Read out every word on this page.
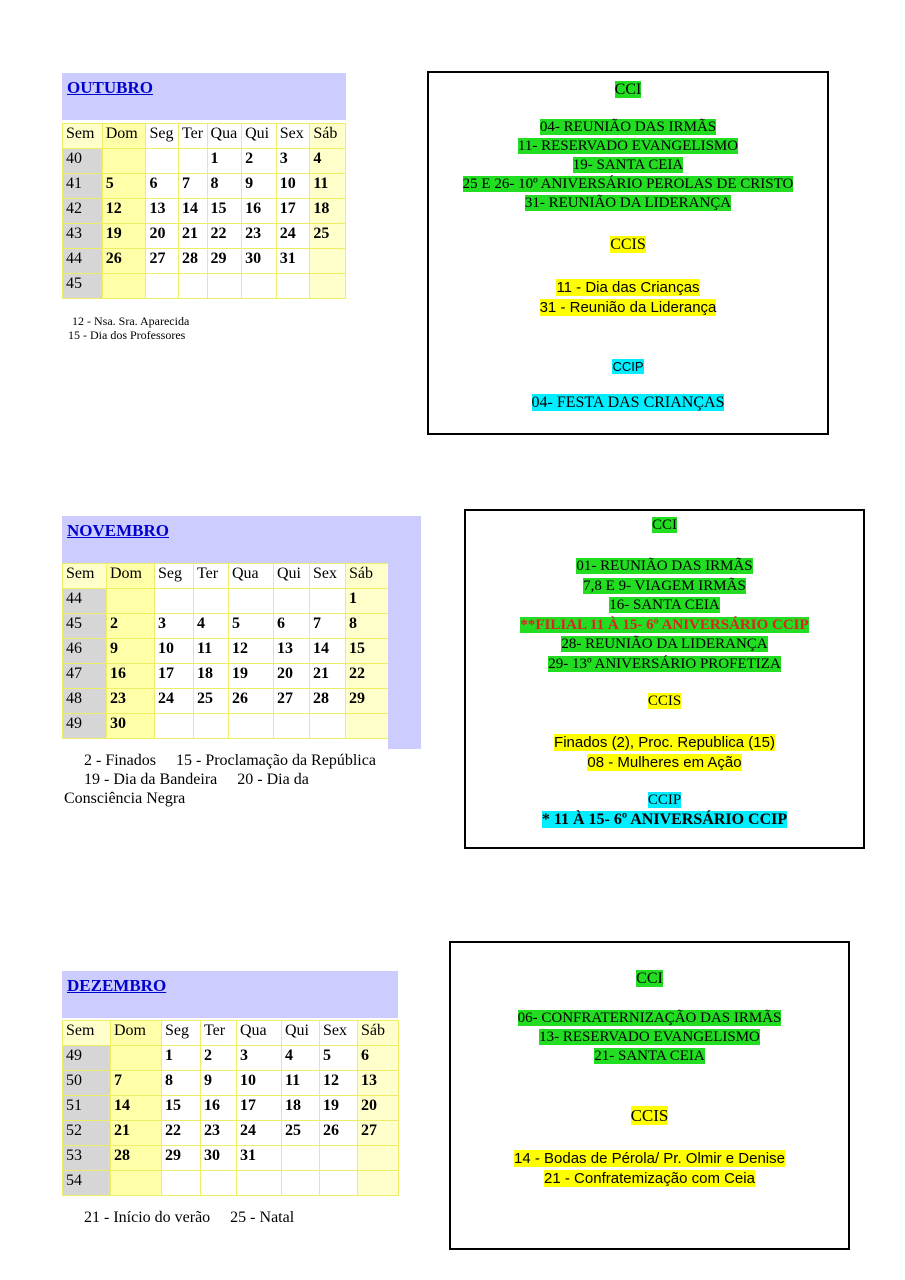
OUTUBRO
Sem	Dom	Seg	Ter	Qua	Qui	Sex	Sáb
40				1	2	3	4
41	5	6	7	8	9	10	11
42	12	13	14	15	16	17	18
43	19	20	21	22	23	24	25
44	26	27	28	29	30	31	
45							
12 - Nsa. Sra. Aparecida
15 - Dia dos Professores
NOVEMBRO
Sem	Dom	Seg	Ter	Qua	Qui	Sex	Sáb
44							1
45	2	3	4	5	6	7	8
46	9	10	11	12	13	14	15
47	16	17	18	19	20	21	22
48	23	24	25	26	27	28	29
49	30						
2 - Finados     15 - Proclamação da República
19 - Dia da Bandeira     20 - Dia da
Consciência Negra
DEZEMBRO
Sem	Dom	Seg	Ter	Qua	Qui	Sex	Sáb
49		1	2	3	4	5	6
50	7	8	9	10	11	12	13
51	14	15	16	17	18	19	20
52	21	22	23	24	25	26	27
53	28	29	30	31			
54							
21 - Início do verão     25 - Natal
CCI
04- REUNIÃO DAS IRMÃS
11- RESERVADO EVANGELISMO
19- SANTA CEIA
25 E 26- 10º ANIVERSÁRIO PEROLAS DE CRISTO
31- REUNIÃO DA LIDERANÇA
CCIS
11 - Dia das Crianças
31 - Reunião da Liderança
CCIP
04- FESTA DAS CRIANÇAS
CCI
01- REUNIÃO DAS IRMÃS
7,8 E 9- VIAGEM IRMÃS
16- SANTA CEIA
**FILIAL 11 À 15- 6º ANIVERSÁRIO CCIP
28- REUNIÃO DA LIDERANÇA
29- 13º ANIVERSÁRIO PROFETIZA
CCIS
Finados (2), Proc. Republica (15)
08 - Mulheres em Ação
CCIP
* 11 À 15- 6º ANIVERSÁRIO CCIP
CCI
06- CONFRATERNIZAÇÃO DAS IRMÃS
13- RESERVADO EVANGELISMO
21- SANTA CEIA
CCIS
14 - Bodas de Pérola/ Pr. Olmir e Denise
21 - Confratemização com Ceia
